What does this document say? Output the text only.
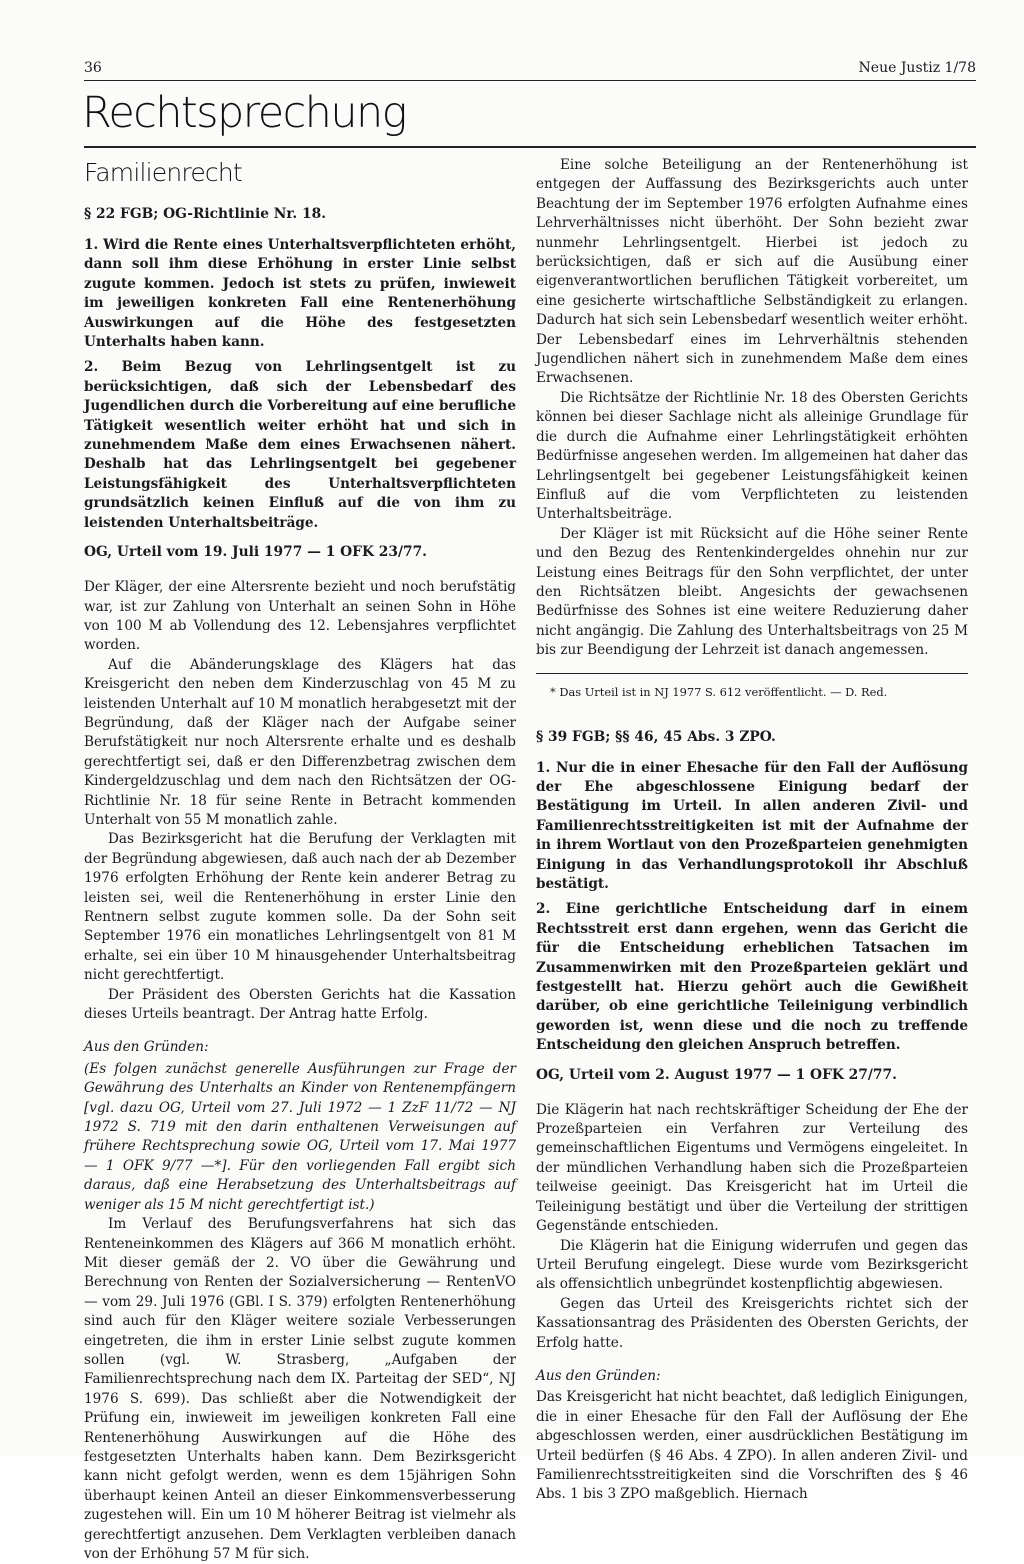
36	Neue Justiz 1/78
Rechtsprechung
Familienrecht

§ 22 FGB; OG-Richtlinie Nr. 18.

1. Wird die Rente eines Unterhaltsverpflichteten erhöht, dann soll ihm diese Erhöhung in erster Linie selbst zugute kommen. Jedoch ist stets zu prüfen, inwieweit im jeweiligen konkreten Fall eine Rentenerhöhung Auswirkungen auf die Höhe des festgesetzten Unterhalts haben kann.

2. Beim Bezug von Lehrlingsentgelt ist zu berücksichtigen, daß sich der Lebensbedarf des Jugendlichen durch die Vorbereitung auf eine berufliche Tätigkeit wesentlich weiter erhöht hat und sich in zunehmendem Maße dem eines Erwachsenen nähert. Deshalb hat das Lehrlingsentgelt bei gegebener Leistungsfähigkeit des Unterhaltsverpflichteten grundsätzlich keinen Einfluß auf die von ihm zu leistenden Unterhaltsbeiträge.

OG, Urteil vom 19. Juli 1977 — 1 OFK 23/77.

Der Kläger, der eine Altersrente bezieht und noch berufstätig war, ist zur Zahlung von Unterhalt an seinen Sohn in Höhe von 100 M ab Vollendung des 12. Lebensjahres verpflichtet worden.

Auf die Abänderungsklage des Klägers hat das Kreisgericht den neben dem Kinderzuschlag von 45 M zu leistenden Unterhalt auf 10 M monatlich herabgesetzt mit der Begründung, daß der Kläger nach der Aufgabe seiner Berufstätigkeit nur noch Altersrente erhalte und es deshalb gerechtfertigt sei, daß er den Differenzbetrag zwischen dem Kindergeldzuschlag und dem nach den Richtsätzen der OG-Richtlinie Nr. 18 für seine Rente in Betracht kommenden Unterhalt von 55 M monatlich zahle.

Das Bezirksgericht hat die Berufung der Verklagten mit der Begründung abgewiesen, daß auch nach der ab Dezember 1976 erfolgten Erhöhung der Rente kein anderer Betrag zu leisten sei, weil die Rentenerhöhung in erster Linie den Rentnern selbst zugute kommen solle. Da der Sohn seit September 1976 ein monatliches Lehrlingsentgelt von 81 M erhalte, sei ein über 10 M hinausgehender Unterhaltsbeitrag nicht gerechtfertigt.

Der Präsident des Obersten Gerichts hat die Kassation dieses Urteils beantragt. Der Antrag hatte Erfolg.

Aus den Gründen:

(Es folgen zunächst generelle Ausführungen zur Frage der Gewährung des Unterhalts an Kinder von Rentenempfängern [vgl. dazu OG, Urteil vom 27. Juli 1972 — 1 ZzF 11/72 — NJ 1972 S. 719 mit den darin enthaltenen Verweisungen auf frühere Rechtsprechung sowie OG, Urteil vom 17. Mai 1977 — 1 OFK 9/77 —*]. Für den vorliegenden Fall ergibt sich daraus, daß eine Herabsetzung des Unterhaltsbeitrags auf weniger als 15 M nicht gerechtfertigt ist.)

Im Verlauf des Berufungsverfahrens hat sich das Renteneinkommen des Klägers auf 366 M monatlich erhöht. Mit dieser gemäß der 2. VO über die Gewährung und Berechnung von Renten der Sozialversicherung — RentenVO — vom 29. Juli 1976 (GBl. I S. 379) erfolgten Rentenerhöhung sind auch für den Kläger weitere soziale Verbesserungen eingetreten, die ihm in erster Linie selbst zugute kommen sollen (vgl. W. Strasberg, „Aufgaben der Familienrechtsprechung nach dem IX. Parteitag der SED“, NJ 1976 S. 699). Das schließt aber die Notwendigkeit der Prüfung ein, inwieweit im jeweiligen konkreten Fall eine Rentenerhöhung Auswirkungen auf die Höhe des festgesetzten Unterhalts haben kann. Dem Bezirksgericht kann nicht gefolgt werden, wenn es dem 15jährigen Sohn überhaupt keinen Anteil an dieser Einkommensverbesserung zugestehen will. Ein um 10 M höherer Beitrag ist vielmehr als gerechtfertigt anzusehen. Dem Verklagten verbleiben danach von der Erhöhung 57 M für sich.

Eine solche Beteiligung an der Rentenerhöhung ist entgegen der Auffassung des Bezirksgerichts auch unter Beachtung der im September 1976 erfolgten Aufnahme eines Lehrverhältnisses nicht überhöht. Der Sohn bezieht zwar nunmehr Lehrlingsentgelt. Hierbei ist jedoch zu berücksichtigen, daß er sich auf die Ausübung einer eigenverantwortlichen beruflichen Tätigkeit vorbereitet, um eine gesicherte wirtschaftliche Selbständigkeit zu erlangen. Dadurch hat sich sein Lebensbedarf wesentlich weiter erhöht. Der Lebensbedarf eines im Lehrverhältnis stehenden Jugendlichen nähert sich in zunehmendem Maße dem eines Erwachsenen.

Die Richtsätze der Richtlinie Nr. 18 des Obersten Gerichts können bei dieser Sachlage nicht als alleinige Grundlage für die durch die Aufnahme einer Lehrlingstätigkeit erhöhten Bedürfnisse angesehen werden. Im allgemeinen hat daher das Lehrlingsentgelt bei gegebener Leistungsfähigkeit keinen Einfluß auf die vom Verpflichteten zu leistenden Unterhaltsbeiträge.

Der Kläger ist mit Rücksicht auf die Höhe seiner Rente und den Bezug des Rentenkindergeldes ohnehin nur zur Leistung eines Beitrags für den Sohn verpflichtet, der unter den Richtsätzen bleibt. Angesichts der gewachsenen Bedürfnisse des Sohnes ist eine weitere Reduzierung daher nicht angängig. Die Zahlung des Unterhaltsbeitrags von 25 M bis zur Beendigung der Lehrzeit ist danach angemessen.

* Das Urteil ist in NJ 1977 S. 612 veröffentlicht. — D. Red.

§ 39 FGB; §§ 46, 45 Abs. 3 ZPO.

1. Nur die in einer Ehesache für den Fall der Auflösung der Ehe abgeschlossene Einigung bedarf der Bestätigung im Urteil. In allen anderen Zivil- und Familienrechtsstreitigkeiten ist mit der Aufnahme der in ihrem Wortlaut von den Prozeßparteien genehmigten Einigung in das Verhandlungsprotokoll ihr Abschluß bestätigt.

2. Eine gerichtliche Entscheidung darf in einem Rechtsstreit erst dann ergehen, wenn das Gericht die für die Entscheidung erheblichen Tatsachen im Zusammenwirken mit den Prozeßparteien geklärt und festgestellt hat. Hierzu gehört auch die Gewißheit darüber, ob eine gerichtliche Teileinigung verbindlich geworden ist, wenn diese und die noch zu treffende Entscheidung den gleichen Anspruch betreffen.

OG, Urteil vom 2. August 1977 — 1 OFK 27/77.

Die Klägerin hat nach rechtskräftiger Scheidung der Ehe der Prozeßparteien ein Verfahren zur Verteilung des gemeinschaftlichen Eigentums und Vermögens eingeleitet. In der mündlichen Verhandlung haben sich die Prozeßparteien teilweise geeinigt. Das Kreisgericht hat im Urteil die Teileinigung bestätigt und über die Verteilung der strittigen Gegenstände entschieden.

Die Klägerin hat die Einigung widerrufen und gegen das Urteil Berufung eingelegt. Diese wurde vom Bezirksgericht als offensichtlich unbegründet kostenpflichtig abgewiesen.

Gegen das Urteil des Kreisgerichts richtet sich der Kassationsantrag des Präsidenten des Obersten Gerichts, der Erfolg hatte.

Aus den Gründen:

Das Kreisgericht hat nicht beachtet, daß lediglich Einigungen, die in einer Ehesache für den Fall der Auflösung der Ehe abgeschlossen werden, einer ausdrücklichen Bestätigung im Urteil bedürfen (§ 46 Abs. 4 ZPO). In allen anderen Zivil- und Familienrechtsstreitigkeiten sind die Vorschriften des § 46 Abs. 1 bis 3 ZPO maßgeblich. Hiernach
